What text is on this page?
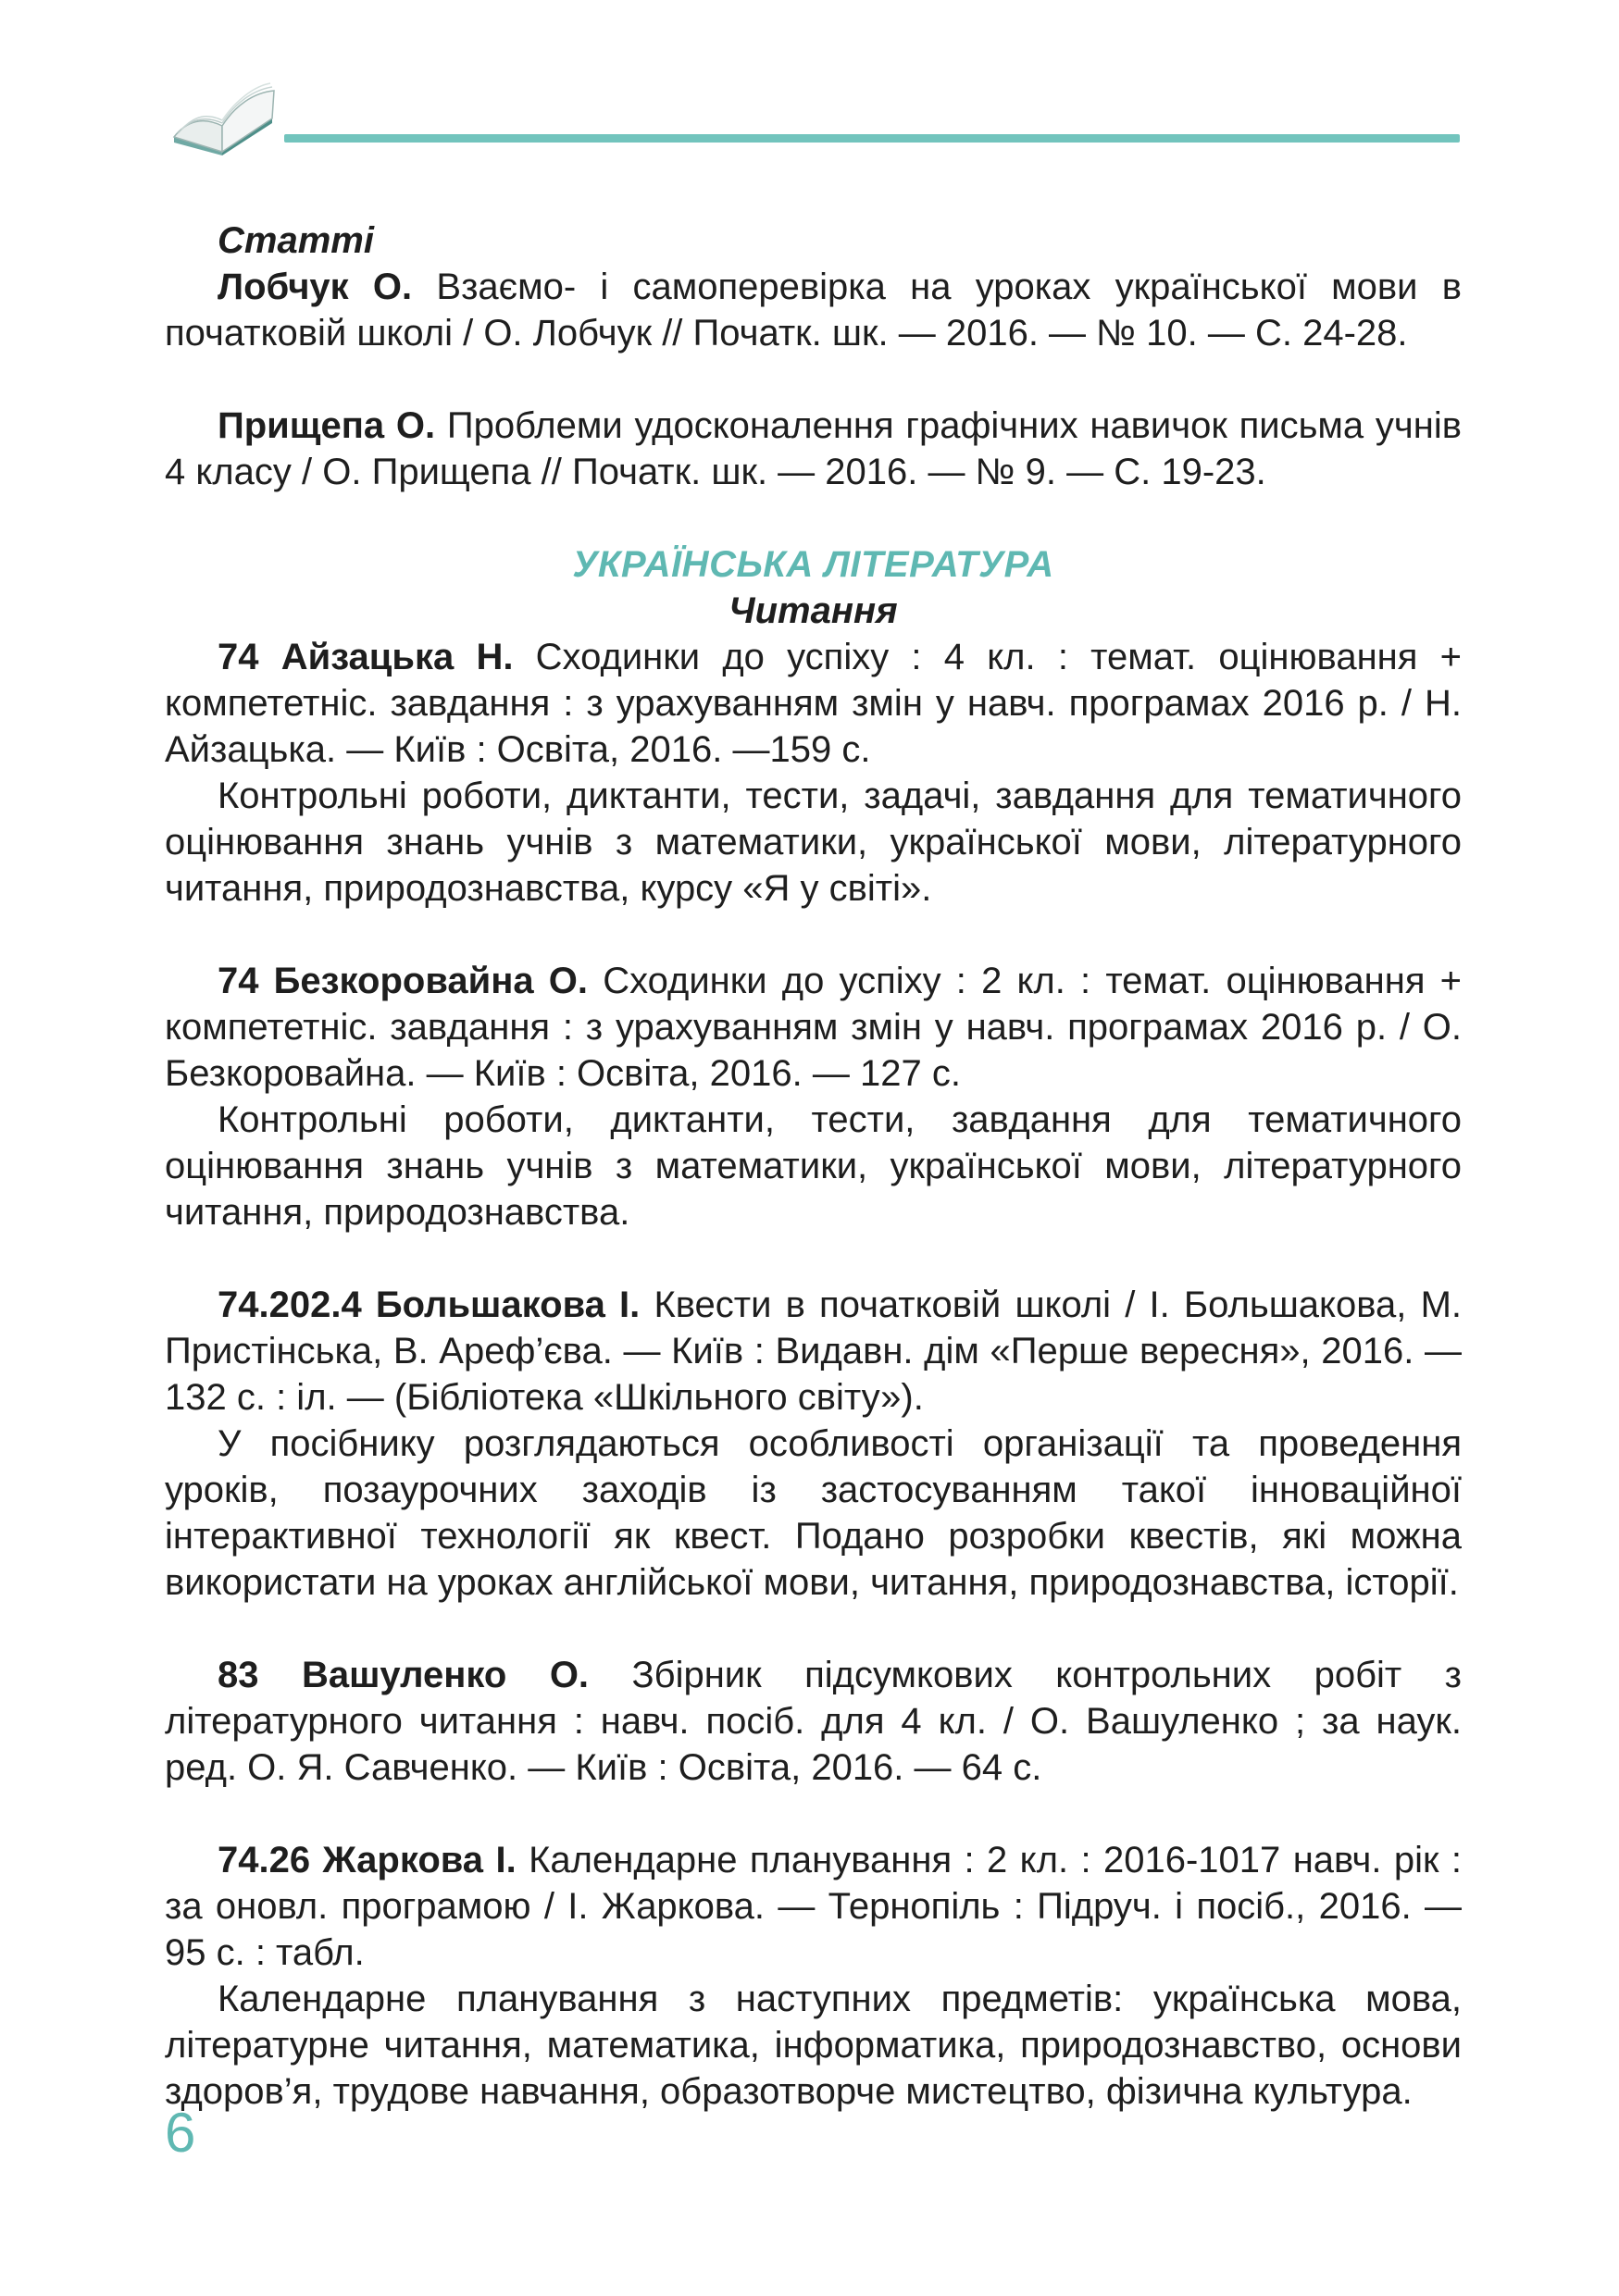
Статті

Лобчук О. Взаємо- і самоперевірка на уроках української мови в початковій школі / О. Лобчук // Початк. шк. — 2016. — № 10. — С. 24-28.

Прищепа О. Проблеми удосконалення графічних навичок письма учнів 4 класу / О. Прищепа // Початк. шк. — 2016. — № 9. — С. 19-23.

УКРАЇНСЬКА ЛІТЕРАТУРА

Читання

74 Айзацька Н. Сходинки до успіху : 4 кл. : темат. оцінювання + компететніс. завдання : з урахуванням змін у навч. програмах 2016 р. / Н. Айзацька. — Київ : Освіта, 2016. —159 с.

Контрольні роботи, диктанти, тести, задачі, завдання для тематичного оцінювання знань учнів з математики, української мови, літературного читання, природознавства, курсу «Я у світі».

74 Безкоровайна О. Сходинки до успіху : 2 кл. : темат. оцінювання + компететніс. завдання : з урахуванням змін у навч. програмах 2016 р. / О. Безкоровайна. — Київ : Освіта, 2016. — 127 с.

Контрольні роботи, диктанти, тести, завдання для тематичного оцінювання знань учнів з математики, української мови, літературного читання, природознавства.

74.202.4 Большакова І. Квести в початковій школі / І. Большакова, М. Пристінська, В. Ареф’єва. — Київ : Видавн. дім «Перше вересня», 2016. — 132 с. : іл. — (Бібліотека «Шкільного світу»).

У посібнику розглядаються особливості організації та проведення уроків, позаурочних заходів із застосуванням такої інноваційної інтерактивної технології як квест. Подано розробки квестів, які можна використати на уроках англійської мови, читання, природознавства, історії.

83 Вашуленко О. Збірник підсумкових контрольних робіт з літературного читання : навч. посіб. для 4 кл. / О. Вашуленко ; за наук. ред. О. Я. Савченко. — Київ : Освіта, 2016. — 64 с.

74.26 Жаркова І. Календарне планування : 2 кл. : 2016-1017 навч. рік : за оновл. програмою / І. Жаркова. — Тернопіль : Підруч. і посіб., 2016. — 95 с. : табл.

Календарне планування з наступних предметів: українська мова, літературне читання, математика, інформатика, природознавство, основи здоров’я, трудове навчання, образотворче мистецтво, фізична культура.

6
